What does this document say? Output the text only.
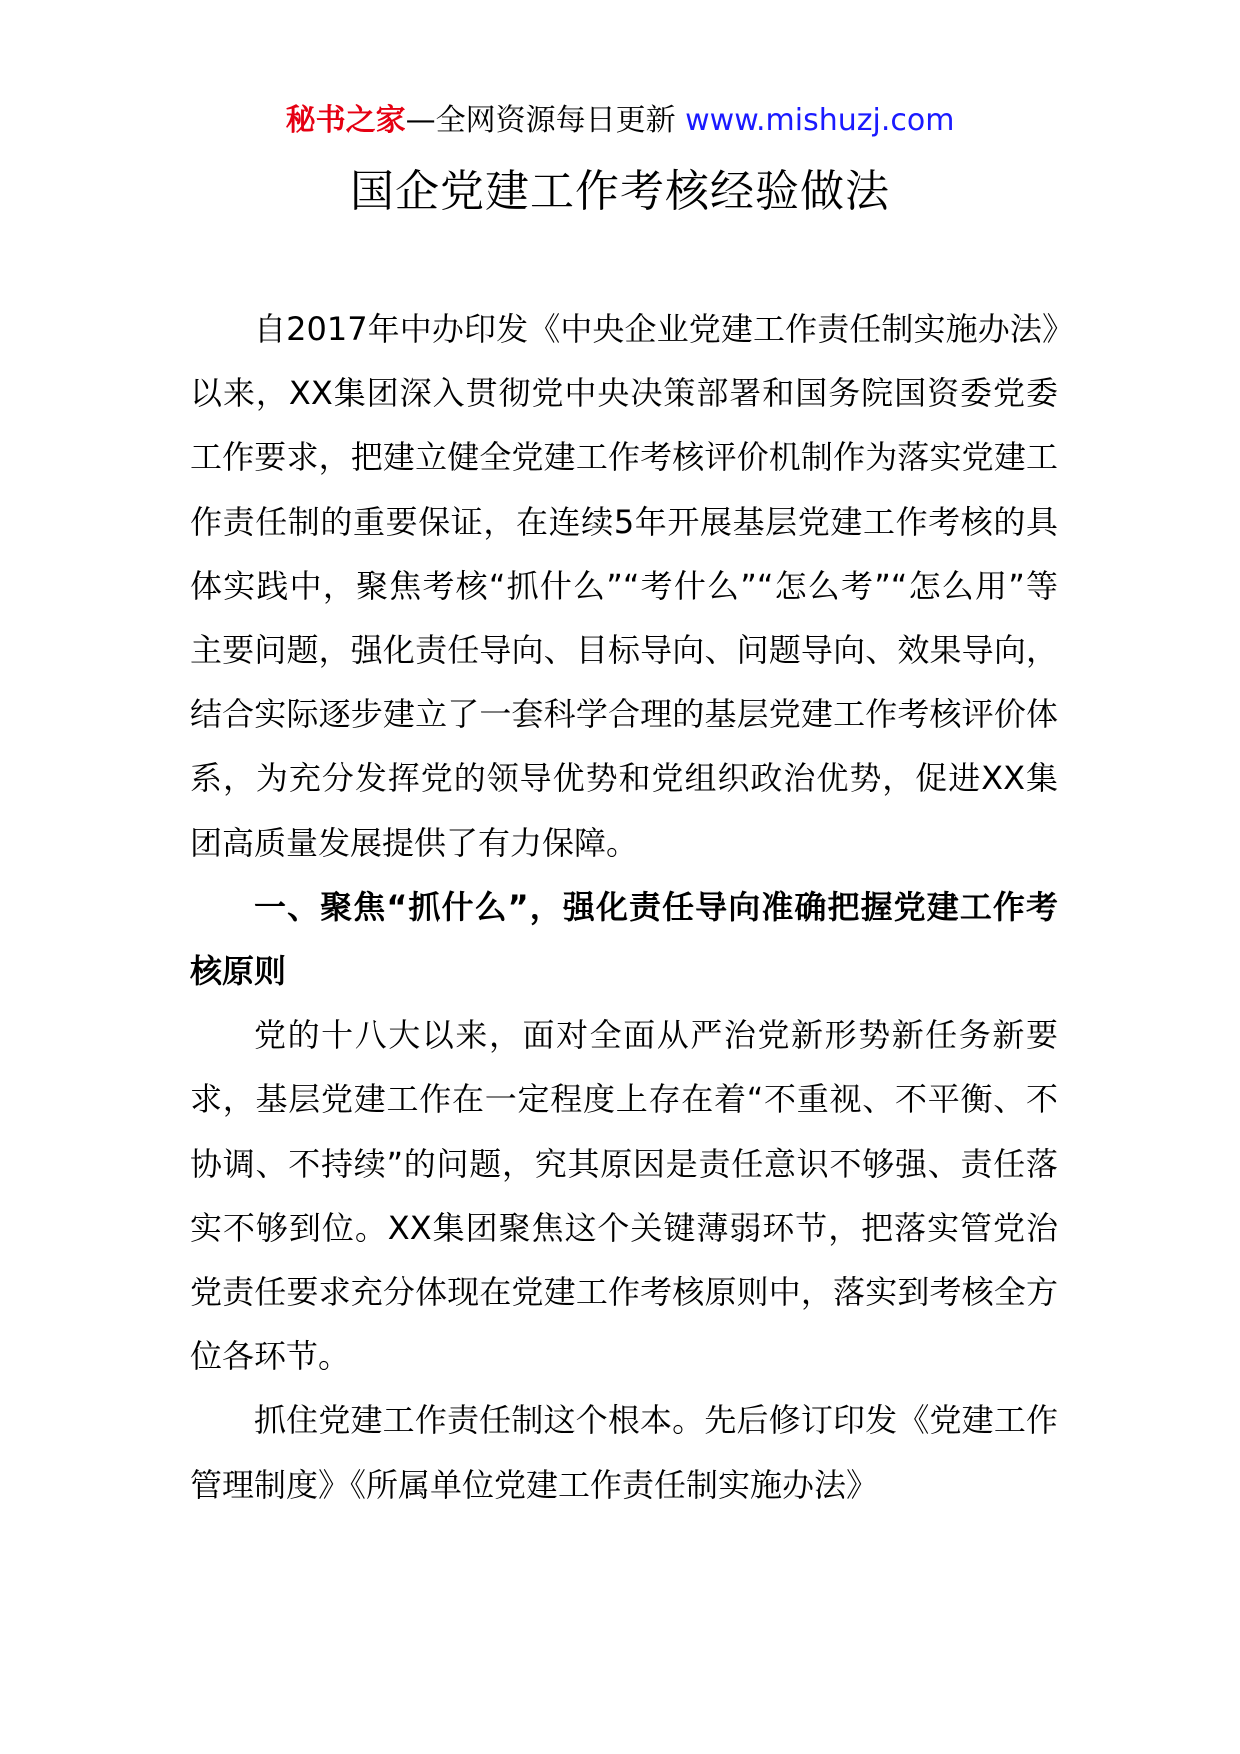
秘书之家—全网资源每日更新 www.mishuzj.com
国企党建工作考核经验做法

自2017年中办印发《中央企业党建工作责任制实施办法》以来，XX集团深入贯彻党中央决策部署和国务院国资委党委工作要求，把建立健全党建工作考核评价机制作为落实党建工作责任制的重要保证，在连续5年开展基层党建工作考核的具体实践中，聚焦考核“抓什么”“考什么”“怎么考”“怎么用”等主要问题，强化责任导向、目标导向、问题导向、效果导向，结合实际逐步建立了一套科学合理的基层党建工作考核评价体系，为充分发挥党的领导优势和党组织政治优势，促进XX集团高质量发展提供了有力保障。

一、聚焦“抓什么”，强化责任导向准确把握党建工作考核原则

党的十八大以来，面对全面从严治党新形势新任务新要求，基层党建工作在一定程度上存在着“不重视、不平衡、不协调、不持续”的问题，究其原因是责任意识不够强、责任落实不够到位。XX集团聚焦这个关键薄弱环节，把落实管党治党责任要求充分体现在党建工作考核原则中，落实到考核全方位各环节。

抓住党建工作责任制这个根本。先后修订印发《党建工作管理制度》《所属单位党建工作责任制实施办法》
